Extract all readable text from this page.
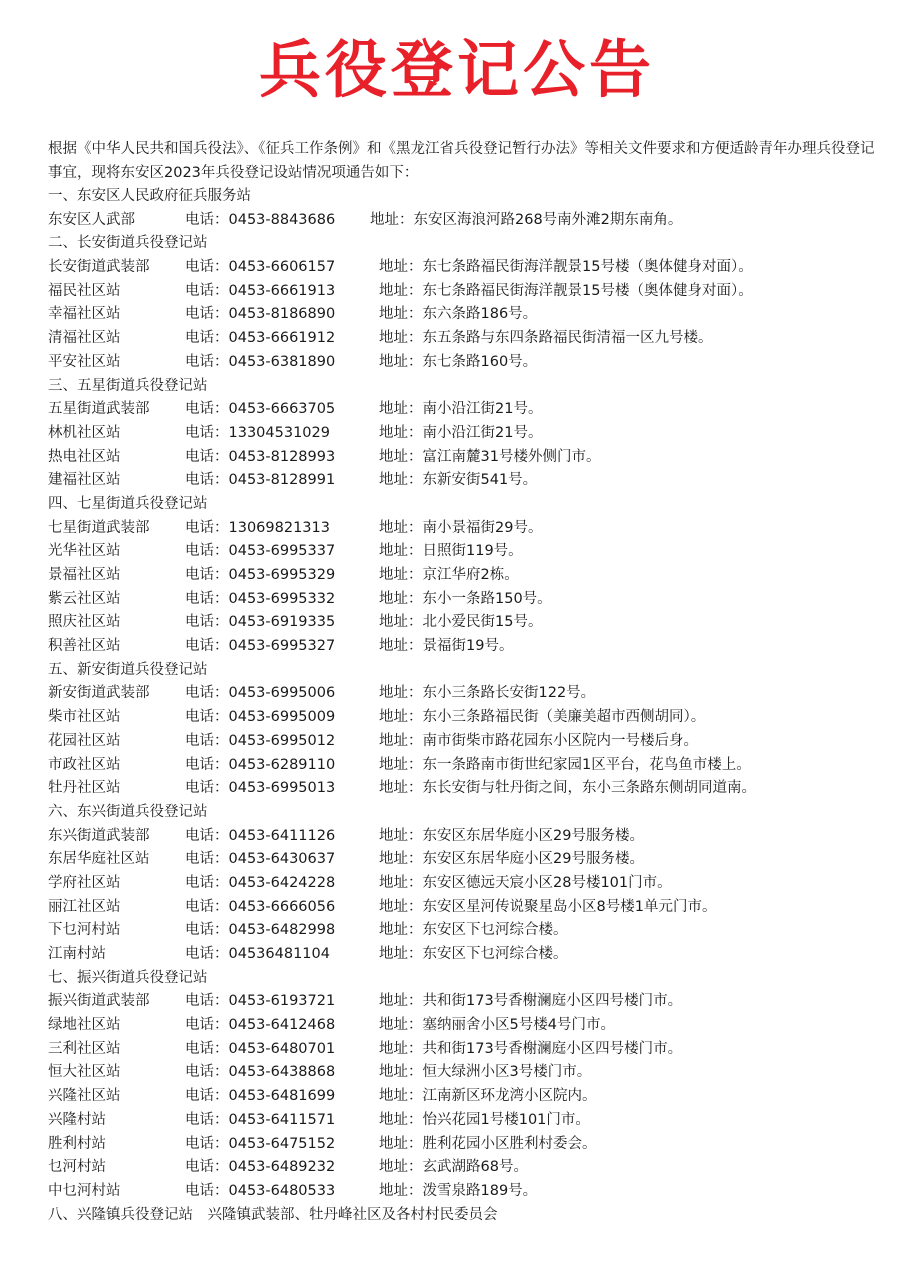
兵役登记公告
根据《中华人民共和国兵役法》、《征兵工作条例》和《黑龙江省兵役登记暂行办法》等相关文件要求和方便适龄青年办理兵役登记事宜，现将东安区2023年兵役登记设站情况项通告如下：
一、东安区人民政府征兵服务站
东安区人武部	电话：0453-8843686 地址：东安区海浪河路268号南外滩2期东南角。
二、长安街道兵役登记站
长安街道武装部 电话：0453-6606157	地址：东七条路福民街海洋靓景15号楼（奥体健身对面）。
福民社区站	电话：0453-6661913	地址：东七条路福民街海洋靓景15号楼（奥体健身对面）。
幸福社区站	电话：0453-8186890	地址：东六条路186号。
清福社区站	电话：0453-6661912	地址：东五条路与东四条路福民街清福一区九号楼。
平安社区站	电话：0453-6381890	地址：东七条路160号。
三、五星街道兵役登记站
五星街道武装部 电话：0453-6663705	地址：南小沿江街21号。
林机社区站	电话：13304531029	地址：南小沿江街21号。
热电社区站	电话：0453-8128993	地址：富江南麓31号楼外侧门市。
建福社区站	电话：0453-8128991	地址：东新安街541号。
四、七星街道兵役登记站
七星街道武装部 电话：13069821313	地址：南小景福街29号。
光华社区站	电话：0453-6995337	地址：日照街119号。
景福社区站	电话：0453-6995329	地址：京江华府2栋。
紫云社区站	电话：0453-6995332	地址：东小一条路150号。
照庆社区站	电话：0453-6919335	地址：北小爱民街15号。
积善社区站	电话：0453-6995327	地址：景福街19号。
五、新安街道兵役登记站
新安街道武装部 电话：0453-6995006	地址：东小三条路长安街122号。
柴市社区站	电话：0453-6995009	地址：东小三条路福民街（美廉美超市西侧胡同）。
花园社区站	电话：0453-6995012	地址：南市街柴市路花园东小区院内一号楼后身。
市政社区站	电话：0453-6289110	地址：东一条路南市街世纪家园1区平台，花鸟鱼市楼上。
牡丹社区站	电话：0453-6995013	地址：东长安街与牡丹街之间，东小三条路东侧胡同道南。
六、东兴街道兵役登记站
东兴街道武装部 电话：0453-6411126	地址：东安区东居华庭小区29号服务楼。
东居华庭社区站 电话：0453-6430637	地址：东安区东居华庭小区29号服务楼。
学府社区站	电话：0453-6424228	地址：东安区德远天宸小区28号楼101门市。
丽江社区站	电话：0453-6666056	地址：东安区星河传说聚星岛小区8号楼1单元门市。
下乜河村站	电话：0453-6482998	地址：东安区下乜河综合楼。
江南村站	电话：04536481104	地址：东安区下乜河综合楼。
七、振兴街道兵役登记站
振兴街道武装部 电话：0453-6193721	地址：共和街173号香榭澜庭小区四号楼门市。
绿地社区站	电话：0453-6412468	地址：塞纳丽舍小区5号楼4号门市。
三利社区站	电话：0453-6480701	地址：共和街173号香榭澜庭小区四号楼门市。
恒大社区站	电话：0453-6438868	地址：恒大绿洲小区3号楼门市。
兴隆社区站	电话：0453-6481699	地址：江南新区环龙湾小区院内。
兴隆村站	电话：0453-6411571	地址：怡兴花园1号楼101门市。
胜利村站	电话：0453-6475152	地址：胜利花园小区胜利村委会。
乜河村站	电话：0453-6489232	地址：玄武湖路68号。
中乜河村站	电话：0453-6480533	地址：泼雪泉路189号。
八、兴隆镇兵役登记站　兴隆镇武装部、牡丹峰社区及各村村民委员会
